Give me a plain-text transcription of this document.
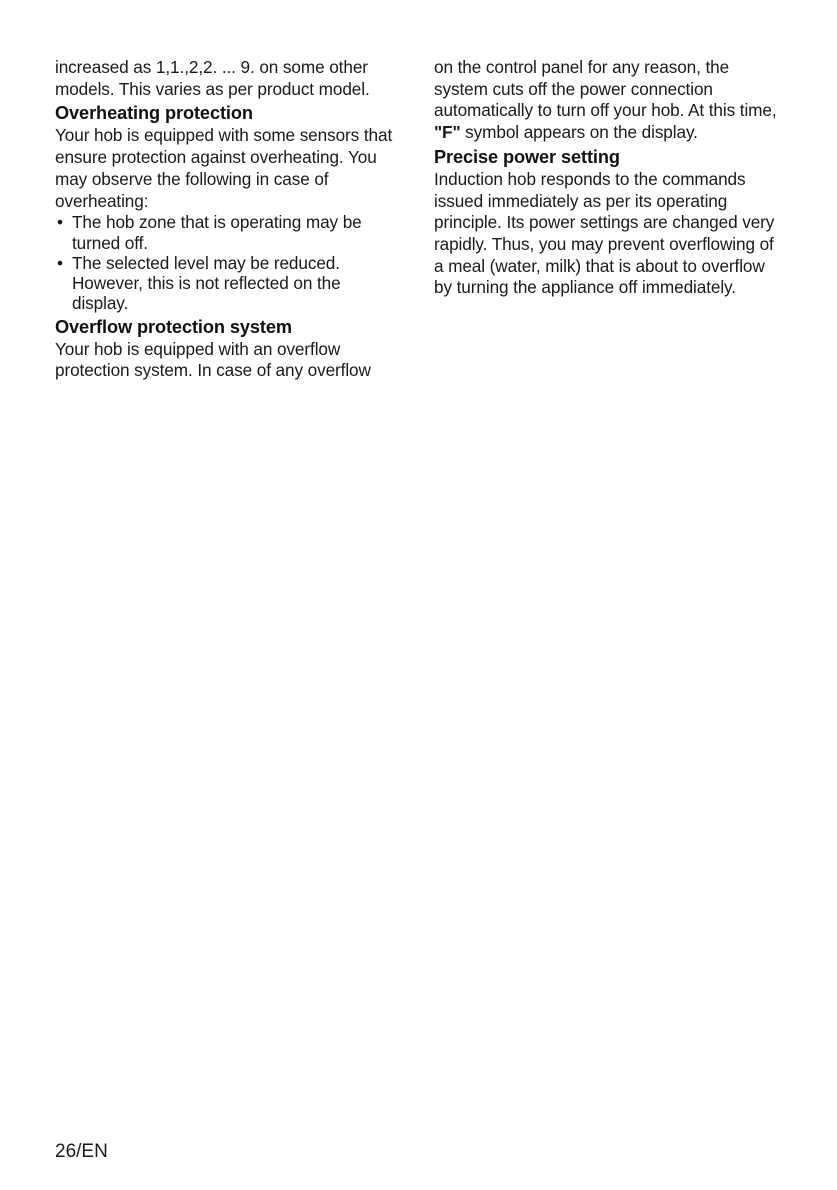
increased as 1,1.,2,2. ... 9. on some other models. This varies as per product model.

Overheating protection

Your hob is equipped with some sensors that ensure protection against overheating. You may observe the following in case of overheating:

• The hob zone that is operating may be turned off.
• The selected level may be reduced. However, this is not reflected on the display.
Overflow protection system

Your hob is equipped with an overflow protection system. In case of any overflow

on the control panel for any reason, the system cuts off the power connection automatically to turn off your hob. At this time, "F" symbol appears on the display.

Precise power setting

Induction hob responds to the commands issued immediately as per its operating principle. Its power settings are changed very rapidly. Thus, you may prevent overflowing of a meal (water, milk) that is about to overflow by turning the appliance off immediately.

26/EN
